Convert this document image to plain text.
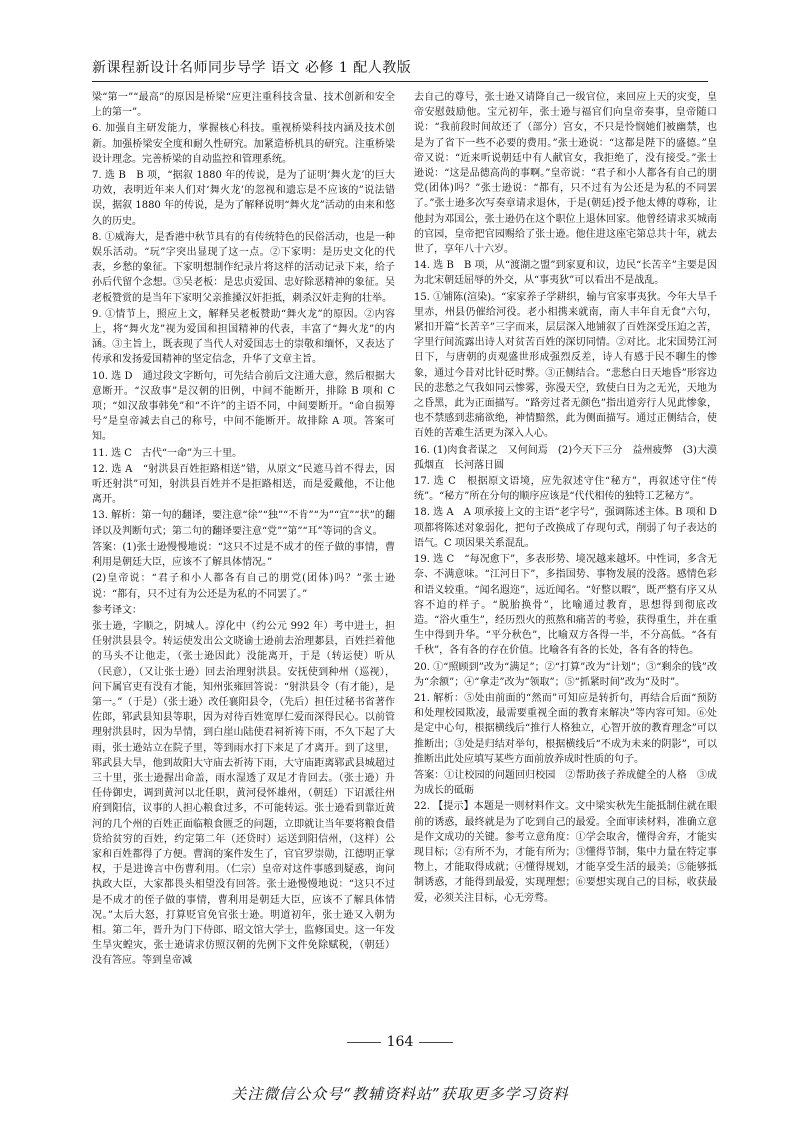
新课程新设计名师同步导学 语文 必修 1 配人教版

梁“第一”“最高”的原因是桥梁“应更注重科技含量、技术创新和安全上的第一”。

6. 加强自主研发能力，掌握核心科技。重视桥梁科技内涵及技术创新。加强桥梁安全度和耐久性研究。加紧造桥机具的研究。注重桥梁设计理念。完善桥梁的自动监控和管理系统。

7. 选 B　B 项，“据叙 1880 年的传说，是为了证明‘舞火龙’的巨大功效，表明近年来人们对‘舞火龙’的忽视和遗忘是不应该的”说法错误，据叙 1880 年的传说，是为了解释说明“舞火龙”活动的由来和悠久的历史。

8. ①威海大，是香港中秋节具有的有传统特色的民俗活动，也是一种娱乐活动。“玩”字突出显现了这一点。②下家明：是历史文化的代表，乡愁的象征。下家明想制作纪录片将这样的活动记录下来，给子孙后代留个念想。③吴老板：是忠贞爱国、忠好除恶精神的象征。吴老板赞赏的是当年下家明父亲推搡汉奸拒抵，刺杀汉奸走狗的壮举。

9. ①情节上，照应上文，解释吴老板赞助“舞火龙”的原因。②内容上，将“舞火龙”视为爱国和担国精神的代表，丰富了“舞火龙”的内涵。③主旨上，既表现了当代人对爱国志士的崇敬和缅怀，又表达了传承和发扬爱国精神的坚定信念，升华了文章主旨。

10. 选 D　通过段文字断句，可先结合前后文注通大意，然后根据大意断开。“汉敌事”是汉朝的旧例，中间不能断开，排除 B 项和 C 项；“如汉敌事韩免”和“不许”的主语不同，中间要断开。“命自损筹号”是皇帝减去自己的称号，中间不能断开。故排除 A 项。答案可知。

11. 选 C　古代“一命”为三十里。

12. 选 A　“射洪县百姓拒路相送”错，从原文“民遮马首不得去，因听还射洪”可知，射洪县百姓并不是拒路相送，而是爱戴他，不让他离开。

13. 解析：第一句的翻译，要注意“徐”“独”“不肯”“为”“宜”“状”的翻译以及判断句式；第二句的翻译要注意“党”“第”“耳”等词的含义。

答案：(1)张士逊慢慢地说：“这只不过是不成才的侄子做的事情，曹利用是朝廷大臣，应该不了解具体情况。”

(2)皇帝说：“君子和小人都各有自己的朋党(团体)吗？”张士逊说：“都有，只不过有为公还是为私的不同罢了。”

参考译文：

张士逊，字顺之，阴城人。淳化中（约公元 992 年）考中进士，担任射洪县县令。转运使发出公文晓谕士逊前去治理郪县，百姓拦着他的马头不让他走，（张士逊因此）没能离开，于是（转运使）听从（民意），（又让张士逊）回去治理射洪县。安抚使到种州（巡视），问下属官吏有没有才能，知州张雍回答说：“射洪县令（有才能），是第一。”（于是）（张士逊）改任襄阳县令，（先后）担任过秘书省著作佐郎，郓武县知县等职，因为对待百姓宽厚仁爱而深得民心。以前管理射洪县时，因为旱情，到白崖山陆使君祠祈祷下雨，不久下起了大雨，张士逊站立在院子里，等到雨水打下来足了才离开。到了这里，郓武县大旱，他到故阳大守庙去祈祷下雨，大守庙距离郓武县城超过三十里，张士逊握出命盖，雨水湿透了双足才肯回去。（张士逊）升任侍御史，调到黄河以北任职，黄河侵怀雄州，（朝廷）下诏派往州府到阳信，议事的人担心粮食过多，不可能转运。张士逊看到靠近黄河的几个州的百姓正面临粮食匮乏的问题，立即就让当年要将粮食借贷给贫穷的百姓，约定第二年（还贷时）运送到阳信州，（这样）公家和百姓都得了方便。曹润的案件发生了，官官罗崇勋，江德明正掌权，于是进谗言中伤曹利用。（仁宗）皇帝对这件事感到疑惑，询问执政大臣，大家都畏头相望没有回答。张士逊慢慢地说：“这只不过是不成才的侄子做的事情，曹利用是朝廷大臣，应该不了解具体情况。”太后大怒，打算贬官免官张士逊。明道初年，张士逊又入朝为相。第二年，晋升为门下侍郎、昭文馆大学士，监修国史。这一年发生旱灾蝗灾，张士逊请求仿照汉朝的先例下文件免除赋税，（朝廷）没有答应。等到皇帝减

去自己的尊号，张士逊又请降自己一级官位，来回应上天的灾变，皇帝安慰鼓励他。宝元初年，张士逊与福官们向皇帝奏事，皇帝随口说：“我前段时间故还了（部分）宫女，不只是怜悯她们被幽禁，也是为了省下一些不必要的费用。”张士逊说：“这都是陛下的盛德。”皇帝又说：“近来听说朝廷中有人献官女，我拒绝了，没有接受。”张士逊说：“这是品德高尚的事啊。”皇帝说：“君子和小人都各有自己的朋党(团体)吗？”张士逊说：“都有，只不过有为公还是为私的不同罢了。”张士逊多次写奏章请求退休，于是(朝廷)授予他太傅的尊称，让他封为邓国公，张士逊仍在这个职位上退休回家。他曾经请求买城南的官园，皇帝把官园赐给了张士逊。他住进这座宅第总共十年，就去世了，享年八十六岁。

14. 选 B　B 项，从“渡湖之盟”到家夏和议，边民“长苦辛”主要是因为北宋朝廷屈辱的外交，从“事夷狄”可以看出不是战乱。

15. ①铺陈(渲染)。“家家养子学耕织，输与官家事夷狄。今年大旱千里赤，州县仍催给河役。老小相携来就南，南人丰年自无食”六句，紧扣开篇“长苦辛”三字而来，层层深入地铺叙了百姓深受压迫之苦，字里行间流露出诗人对贫苦百姓的深切同情。②对比。北宋国势江河日下，与唐朝的贞观盛世形成强烈反差，诗人有感于民不聊生的惨象，通过今昔对比针砭时弊。③正侧结合。“悲愁白日天地昏”形容边民的悲愁之气我如同云惨雾，弥漫天空，致使白日为之无光，天地为之昏黑，此为正面描写。“路旁过者无颜色”指出道旁行人见此惨象，也不禁感到悲痛欲绝，神情黯然，此为侧面描写。通过正侧结合，使百姓的苦难生活更为深入人心。

16. (1)肉食者谋之　又何间焉　(2)今天下三分　益州疲弊　(3)大漠孤烟直　长河落日圆

17. 选 C　根据原文语境，应先叙述守住“秘方”，再叙述守住“传统”。“秘方”所在分句的顺序应该是“代代相传的独特工艺秘方”。

18. 选 A　A 项承接上文的主语“老字号”，强调陈述主体。B 项和 D 项都将陈述对象弱化，把句子改换成了存现句式，削弱了句子表达的语气。C 项因果关系混乱。

19. 选 C　“每况愈下”，多表形势、境况越来越坏。中性词，多含无奈、不满意味。“江河日下”，多指国势、事物发展的没落。感情色彩和语义较重。“闻名遐迩”，远近闻名。“好整以暇”，既严整有序又从容不迫的样子。“脱胎换骨”，比喻通过教育，思想得到彻底改造。“浴火重生”，经历烈火的煎熬和痛苦的考验，获得重生，并在重生中得到升华。“平分秋色”，比喻双方各得一半，不分高低。“各有千秋”，各有各的存在价值。比喻各有各的长处，各有各的特色。

20. ①“照顾到”改为“满足”；②“打算”改为“计划”；③“剩余的钱”改为“余额”；④“拿走”改为“领取”；⑤“抓紧时间”改为“及时”。

21. 解析：⑤处由前面的“然而”可知应是转折句，再结合后面“预防和处理校园欺凌，最需要重视全面的教育来解决”等内容可知。⑥处是定中心句，根据横线后“推行人格独立，心智开放的教育理念”可以推断出；③处是归结对举句，根据横线后“不成为未来的阴影”，可以推断出此处应填写某些方面前放养成时性质的句子。

答案：①让校园的问题回归校园　②帮助孩子养成健全的人格　③成为成长的砥砺

22. 【提示】本题是一则材料作文。文中梁实秋先生能抵制住就在眼前的诱惑，最终就是为了吃到自己的最爱。全面审读材料，准确立意是作文成功的关键。参考立意角度：①学会取舍，懂得舍弃，才能实现目标；②有所不为，才能有所为；③懂得节制，集中力量在特定事物上，才能取得成就；④懂得规划，才能享受生活的最美；⑤能够抵制诱惑，才能得到最爱，实现理想；⑥要想实现自己的目标，收获最爱，必须关注目标，心无旁骛。

164
关注微信公众号“教辅资料站”获取更多学习资料
